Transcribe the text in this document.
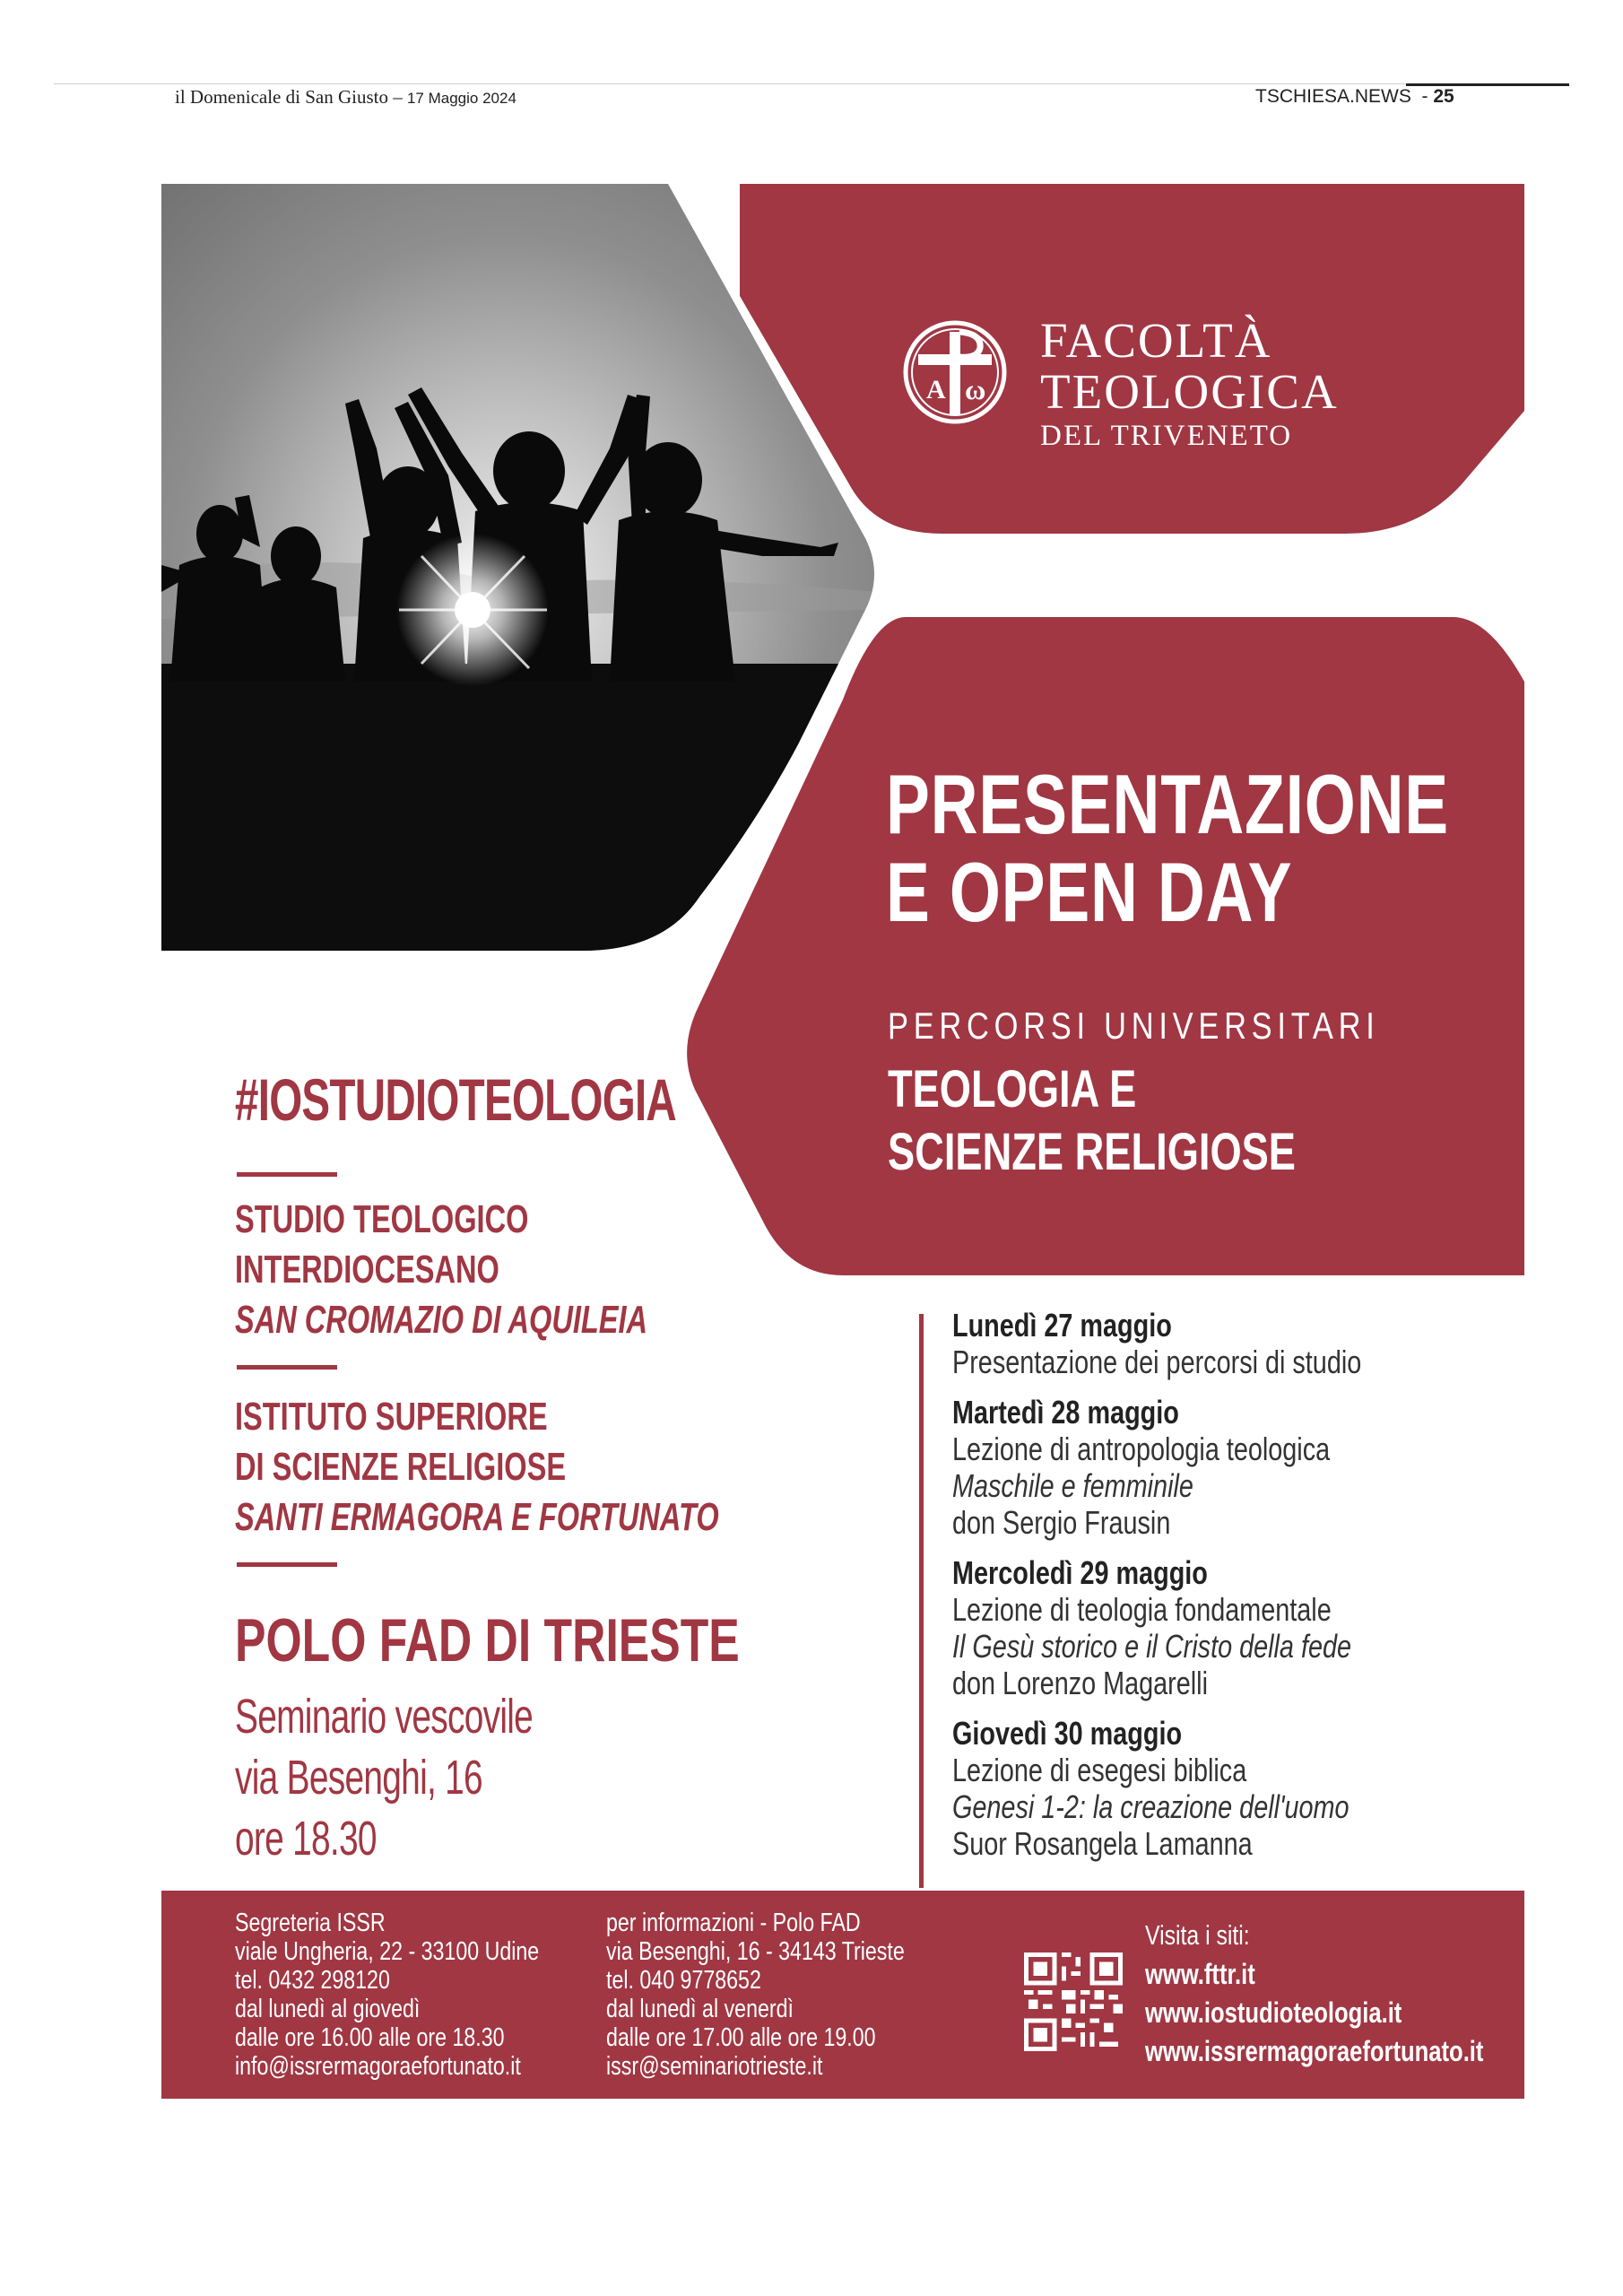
il Domenicale di San Giusto – 17 Maggio 2024	TSCHIESA.NEWS  - 25
A ω
FACOLTÀ
TEOLOGICA
DEL TRIVENETO
PRESENTAZIONE
E OPEN DAY
PERCORSI UNIVERSITARI
TEOLOGIA E
SCIENZE RELIGIOSE
#IOSTUDIOTEOLOGIA
STUDIO TEOLOGICO
INTERDIOCESANO
SAN CROMAZIO DI AQUILEIA
ISTITUTO SUPERIORE
DI SCIENZE RELIGIOSE
SANTI ERMAGORA E FORTUNATO
POLO FAD DI TRIESTE
Seminario vescovile
via Besenghi, 16
ore 18.30
Lunedì 27 maggio
Presentazione dei percorsi di studio
Martedì 28 maggio
Lezione di antropologia teologica
Maschile e femminile
don Sergio Frausin
Mercoledì 29 maggio
Lezione di teologia fondamentale
Il Gesù storico e il Cristo della fede
don Lorenzo Magarelli
Giovedì 30 maggio
Lezione di esegesi biblica
Genesi 1-2: la creazione dell'uomo
Suor Rosangela Lamanna
Segreteria ISSR
viale Ungheria, 22 - 33100 Udine
tel. 0432 298120
dal lunedì al giovedì
dalle ore 16.00 alle ore 18.30
info@issrermagoraefortunato.it
per informazioni - Polo FAD
via Besenghi, 16 - 34143 Trieste
tel. 040 9778652
dal lunedì al venerdì
dalle ore 17.00 alle ore 19.00
issr@seminariotrieste.it
Visita i siti:
www.fttr.it
www.iostudioteologia.it
www.issrermagoraefortunato.it
